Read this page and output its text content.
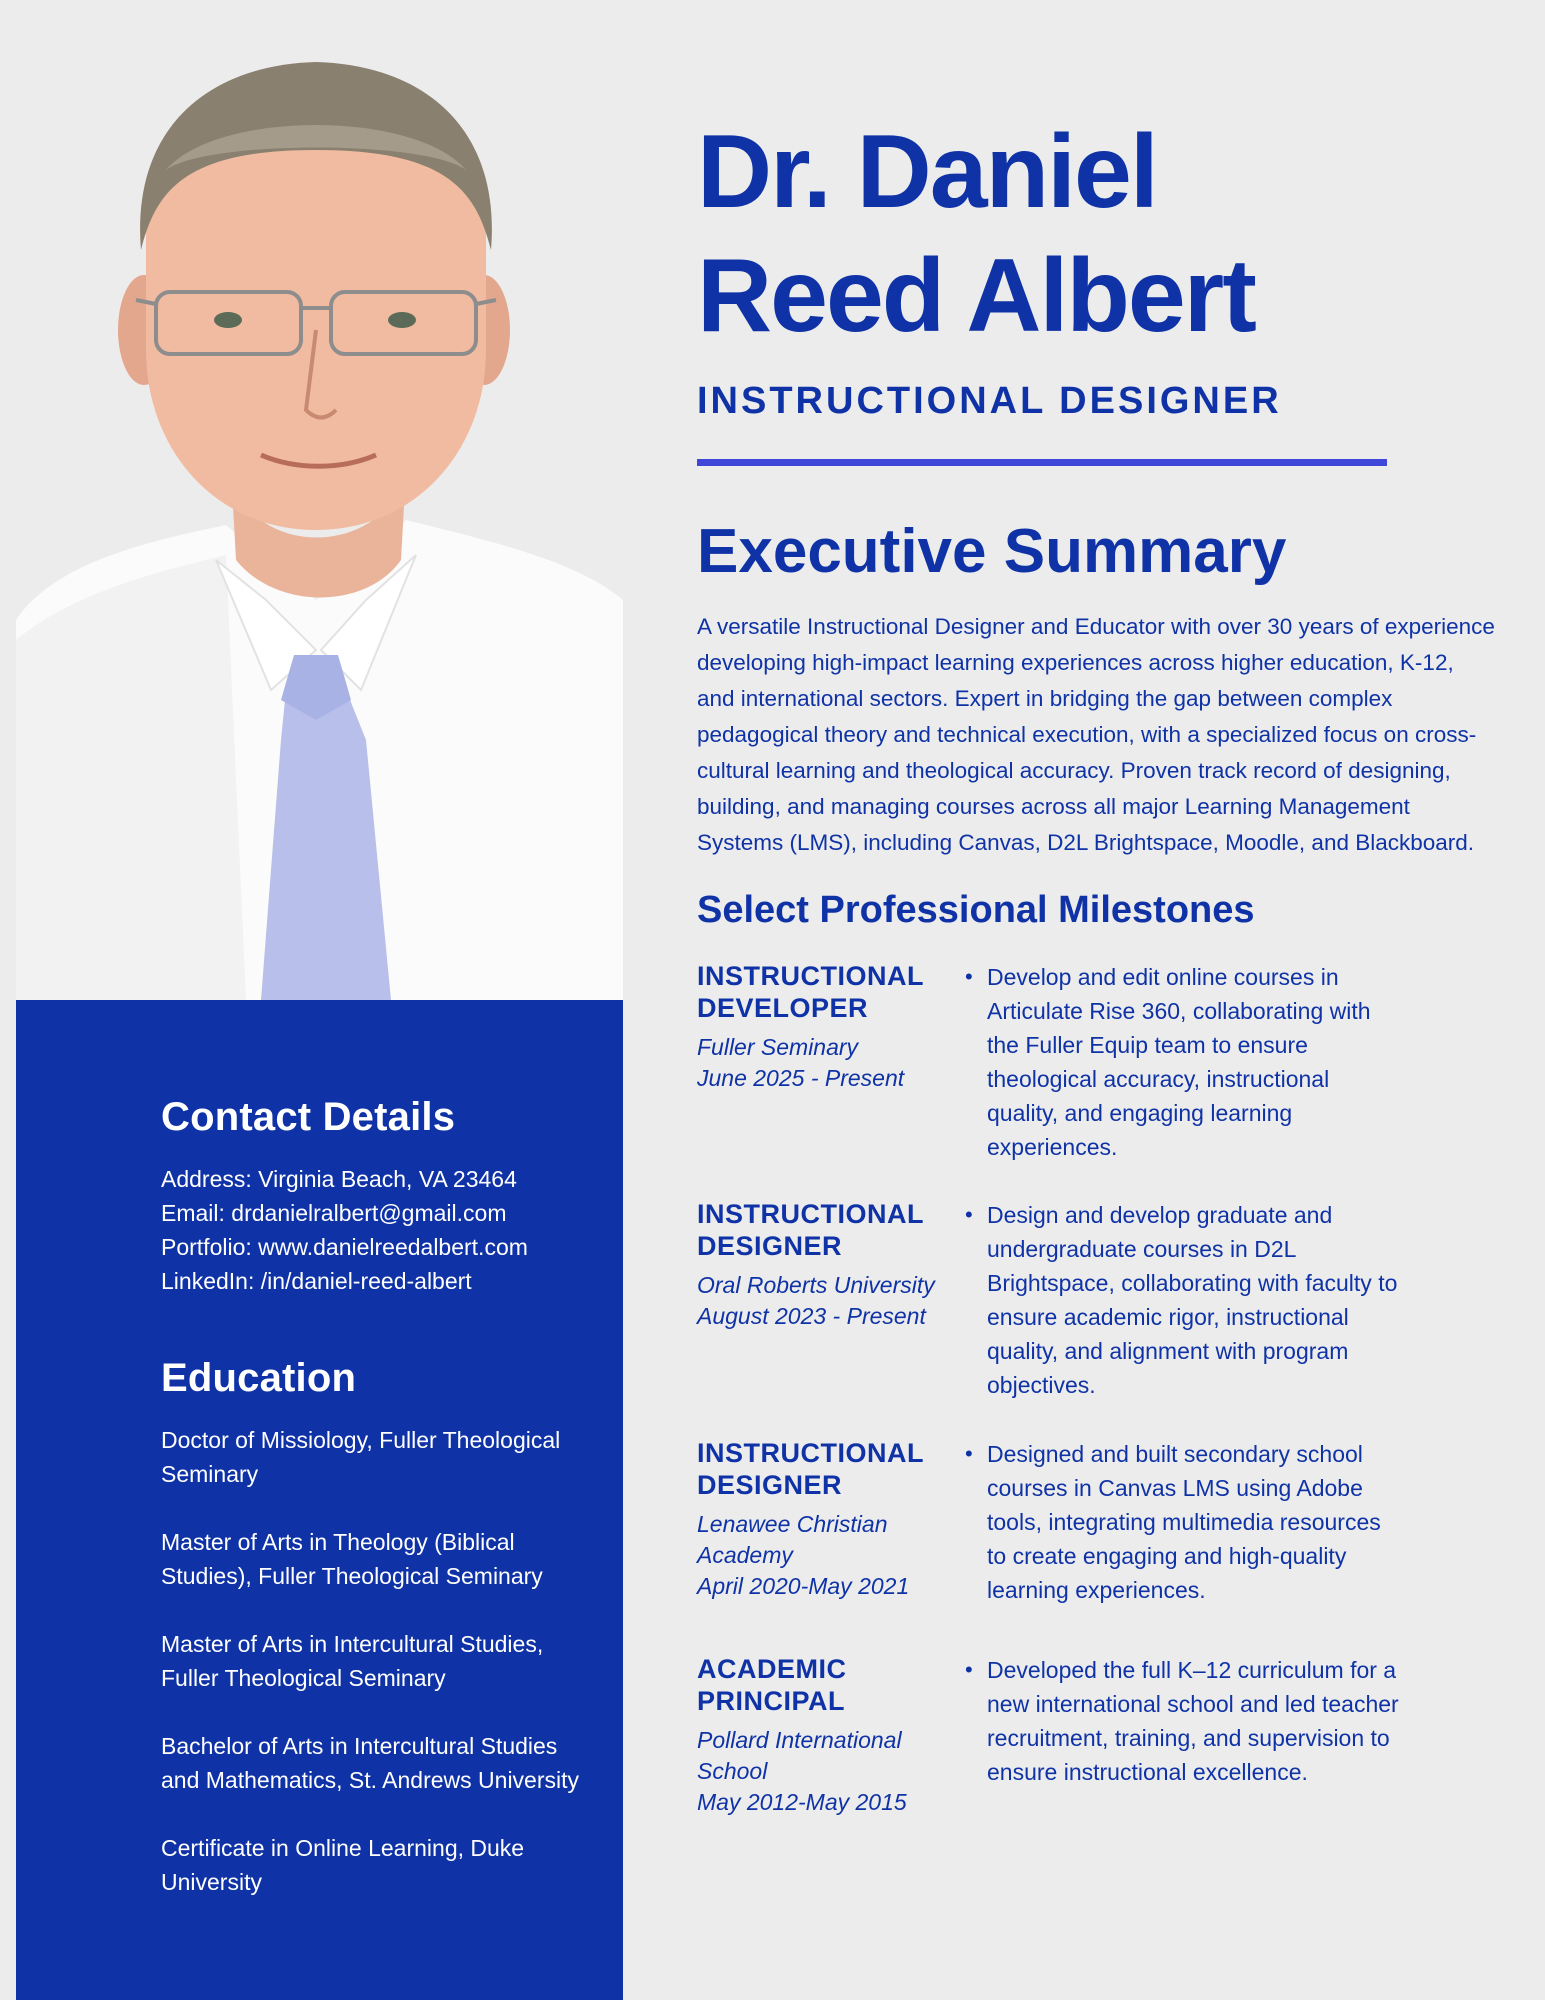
Contact Details
Address: Virginia Beach, VA 23464
Email: drdanielralbert@gmail.com
Portfolio: www.danielreedalbert.com
LinkedIn: /in/daniel-reed-albert
Education
Doctor of Missiology, Fuller Theological Seminary
Master of Arts in Theology (Biblical Studies), Fuller Theological Seminary
Master of Arts in Intercultural Studies, Fuller Theological Seminary
Bachelor of Arts in Intercultural Studies and Mathematics, St. Andrews University
Certificate in Online Learning, Duke University
Dr. Daniel
Reed Albert
INSTRUCTIONAL DESIGNER
Executive Summary
A versatile Instructional Designer and Educator with over 30 years of experience developing high-impact learning experiences across higher education, K-12, and international sectors. Expert in bridging the gap between complex pedagogical theory and technical execution, with a specialized focus on cross-cultural learning and theological accuracy. Proven track record of designing, building, and managing courses across all major Learning Management Systems (LMS), including Canvas, D2L Brightspace, Moodle, and Blackboard.
Select Professional Milestones
INSTRUCTIONAL DEVELOPER
Fuller Seminary
June 2025 - Present
• Develop and edit online courses in Articulate Rise 360, collaborating with the Fuller Equip team to ensure theological accuracy, instructional quality, and engaging learning experiences.
INSTRUCTIONAL DESIGNER
Oral Roberts University
August 2023 - Present
• Design and develop graduate and undergraduate courses in D2L Brightspace, collaborating with faculty to ensure academic rigor, instructional quality, and alignment with program objectives.
INSTRUCTIONAL DESIGNER
Lenawee Christian Academy
April 2020-May 2021
• Designed and built secondary school courses in Canvas LMS using Adobe tools, integrating multimedia resources to create engaging and high-quality learning experiences.
ACADEMIC PRINCIPAL
Pollard International School
May 2012-May 2015
• Developed the full K–12 curriculum for a new international school and led teacher recruitment, training, and supervision to ensure instructional excellence.
